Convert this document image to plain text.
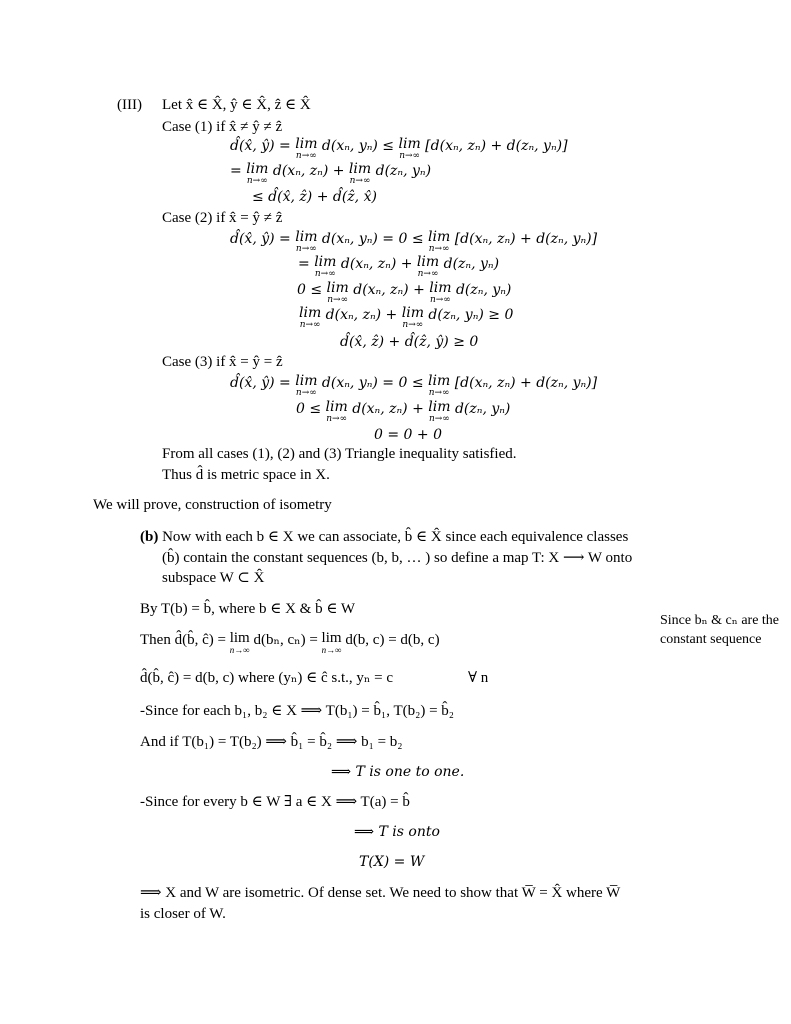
(III) Let x̂ ∈ X̂, ŷ ∈ X̂, ẑ ∈ X̂
Case (1) if x̂ ≠ ŷ ≠ ẑ
d̂(x̂, ŷ) = lim
n→∞
d(xₙ, yₙ) ≤ lim
n→∞
[d(xₙ, zₙ) + d(zₙ, yₙ)]
= lim
n→∞
d(xₙ, zₙ) + lim
n→∞
d(zₙ, yₙ)
≤ d̂(x̂, ẑ) + d̂(ẑ, x̂)
Case (2) if x̂ = ŷ ≠ ẑ
d̂(x̂, ŷ) = lim
n→∞
d(xₙ, yₙ) = 0 ≤ lim
n→∞
[d(xₙ, zₙ) + d(zₙ, yₙ)]
= lim
n→∞
d(xₙ, zₙ) + lim
n→∞
d(zₙ, yₙ)
0 ≤ lim
n→∞
d(xₙ, zₙ) + lim
n→∞
d(zₙ, yₙ)
lim
n→∞
d(xₙ, zₙ) + lim
n→∞
d(zₙ, yₙ) ≥ 0
d̂(x̂, ẑ) + d̂(ẑ, ŷ) ≥ 0
Case (3) if x̂ = ŷ = ẑ
d̂(x̂, ŷ) = lim
n→∞
d(xₙ, yₙ) = 0 ≤ lim
n→∞
[d(xₙ, zₙ) + d(zₙ, yₙ)]
0 ≤ lim
n→∞
d(xₙ, zₙ) + lim
n→∞
d(zₙ, yₙ)
0 = 0 + 0
From all cases (1), (2) and (3) Triangle inequality satisfied.
Thus d̂ is metric space in X.
We will prove, construction of isometry
(b) Now with each b ∈ X we can associate, b̂ ∈ X̂ since each equivalence classes
(b̂) contain the constant sequences (b, b, … ) so define a map T: X ⟶ W onto
subspace W ⊂ X̂
By T(b) = b̂, where b ∈ X & b̂ ∈ W
Then d̂(b̂, ĉ) = lim
n→∞
d(bₙ, cₙ) = lim
n→∞
d(b, c) = d(b, c)
d̂(b̂, ĉ) = d(b, c) where (yₙ) ∈ ĉ s.t., yₙ = c	∀ n
-Since for each b₁, b₂ ∈ X ⟹ T(b₁) = b̂₁, T(b₂) = b̂₂
And if T(b₁) = T(b₂) ⟹ b̂₁ = b̂₂ ⟹ b₁ = b₂
⟹ T is one to one.
-Since for every b ∈ W ∃ a ∈ X ⟹ T(a) = b̂
⟹ T is onto
T(X) = W
⟹ X and W are isometric. Of dense set. We need to show that W̅ = X̂ where W̅
is closer of W.
Since bₙ & cₙ are the constant sequence
